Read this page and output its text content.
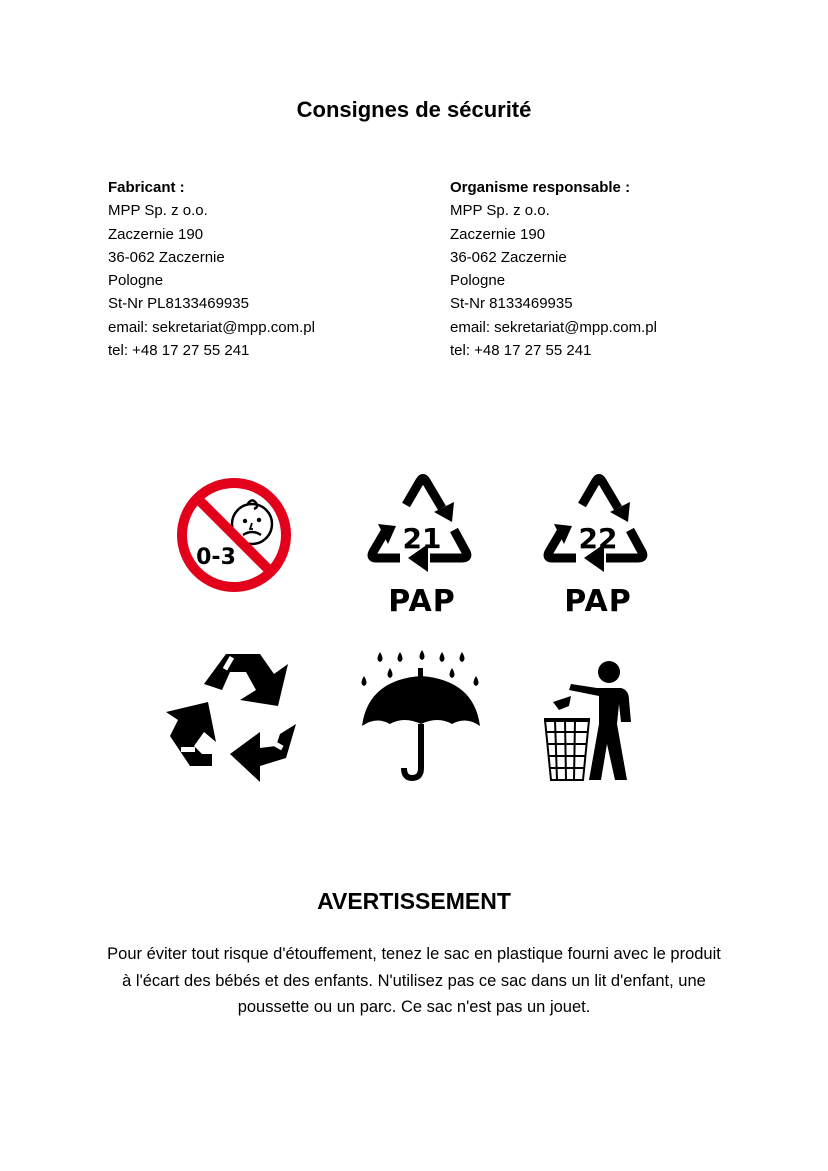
Consignes de sécurité
Fabricant :
MPP Sp. z o.o.
Zaczernie 190
36-062 Zaczernie
Pologne
St-Nr PL8133469935
email: sekretariat@mpp.com.pl
tel: +48 17 27 55 241
Organisme responsable :
MPP Sp. z o.o.
Zaczernie 190
36-062 Zaczernie
Pologne
St-Nr 8133469935
email: sekretariat@mpp.com.pl
tel: +48 17 27 55 241
0-3
21
PAP
22
PAP
AVERTISSEMENT
Pour éviter tout risque d'étouffement, tenez le sac en plastique fourni avec le produit
à l'écart des bébés et des enfants. N'utilisez pas ce sac dans un lit d'enfant, une
poussette ou un parc. Ce sac n'est pas un jouet.
